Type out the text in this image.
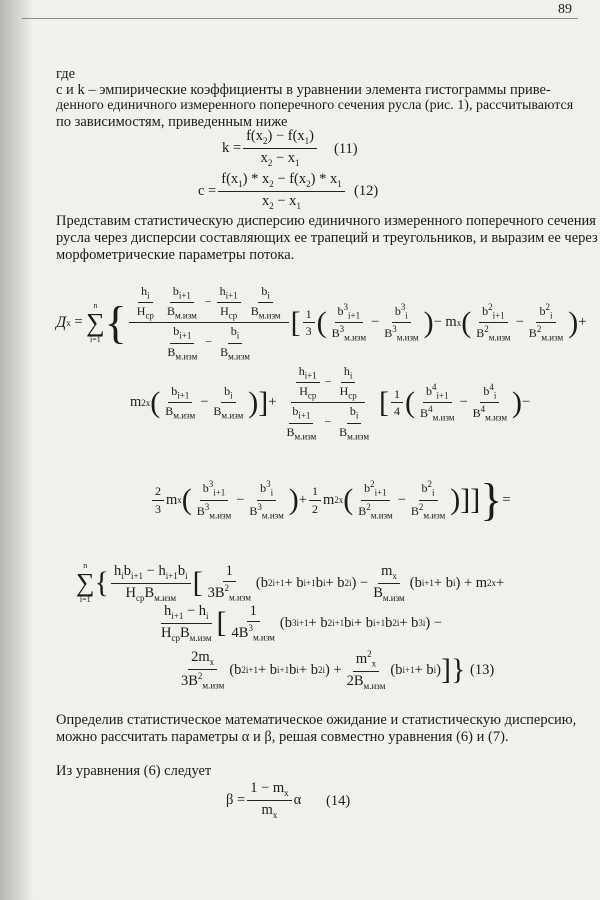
89
где
c и k – эмпирические коэффициенты в уравнении элемента гистограммы приве-
денного единичного измеренного поперечного сечения русла (рис. 1), рассчитываются
по зависимостям, приведенным ниже
$k = \frac{f(x_2) - f(x_1)}{x_2 - x_1} (11)$
$c = \frac{f(x_1) * x_2 - f(x_2) * x_1}{x_2 - x_1} (12)$
Представим статистическую дисперсию единичного измеренного поперечного сечения
русла через дисперсии составляющих ее трапеций и треугольников, и выразим ее через
морфометрические параметры потока.
Д x =
n
∑
i=1 { $\frac{h_i}{H_{ср}}$
$\frac{b_{i+1}}{B_{м.изм}} - \frac{h_{i+1}}{H_{ср}}$
$\frac{b_i}{B_{м.изм}}$
$\frac{b_{i+1}}{B_{м.изм}} - \frac{b_i}{B_{м.изм}}$
[ $\frac{1}{3}$ ( $\frac{b^3_{i+1}}{B^3_{м.изм}} - \frac{b^3_i}{B^3_{м.изм}}$ ) − m x ( $\frac{b^2_{i+1}}{B^2_{м.изм}} - \frac{b^2_i}{B^2_{м.изм}}$ ) +
m 2 x ( $\frac{b_{i+1}}{B_{м.изм}} - \frac{b_i}{B_{м.изм}}$ )] + $\frac{\frac{h_{i+1}}{H_{ср}} - \frac{h_i}{H_{ср}}}{\frac{b_{i+1}}{B_{м.изм}} - \frac{b_i}{B_{м.изм}}}$ [ $\frac{1}{4}$ ( $\frac{b^4_{i+1}}{B^4_{м.изм}} - \frac{b^4_i}{B^4_{м.изм}}$ ) −
$\frac{2}{3}$ m x ( $\frac{b^3_{i+1}}{B^3_{м.изм}} - \frac{b^3_i}{B^3_{м.изм}}$ ) + $\frac{1}{2}$ m 2 x ( $\frac{b^2_{i+1}}{B^2_{м.изм}} - \frac{b^2_i}{B^2_{м.изм}}$ )]] } =
n
∑
i=1
{ $\frac{h_ib_{i+1} - h_{i+1}b_i}{H_{ср}B_{м.изм}}$ [ $\frac{1}{3B^2_{м.изм}} (b$ 2 i+1 + b i+1 b i + b 2 i ) − $\frac{m_x}{B_{м.изм}} (b$ i+1 + b i ) + m 2 x +
$\frac{h_{i+1} - h_i}{H_{ср}B_{м.изм}}$ [ $\frac{1}{4B^3_{м.изм}} (b$ 3 i+1 + b 2 i+1 b i + b i+1 b 2 i + b 3 i ) −
$\frac{2m_x}{3B^2_{м.изм}} (b$ 2 i+1 + b i+1 b i + b 2 i ) + $\frac{m^2_x}{2B_{м.изм}} (b$ i+1 + b i ) ]} (13)
Определив статистическое математическое ожидание и статистическую дисперсию,
можно рассчитать параметры α и β, решая совместно уравнения (6) и (7).
Из уравнения (6) следует
$\beta = \frac{1 - m_x}{m_x}$ α (14)
